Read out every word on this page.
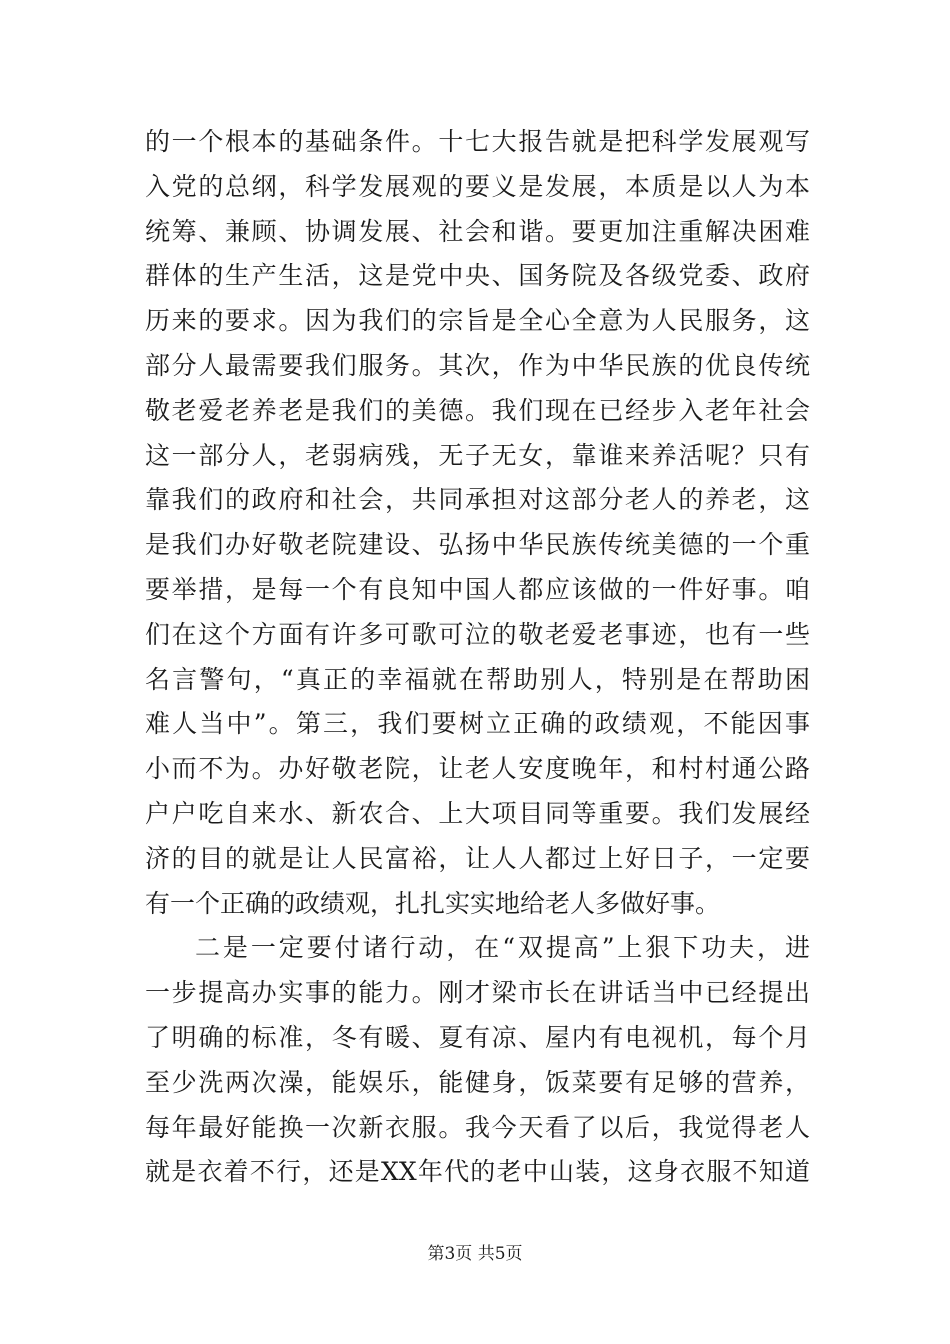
的一个根本的基础条件。十七大报告就是把科学发展观写
入党的总纲，科学发展观的要义是发展，本质是以人为本
统筹、兼顾、协调发展、社会和谐。要更加注重解决困难
群体的生产生活，这是党中央、国务院及各级党委、政府
历来的要求。因为我们的宗旨是全心全意为人民服务，这
部分人最需要我们服务。其次，作为中华民族的优良传统
敬老爱老养老是我们的美德。我们现在已经步入老年社会
这一部分人，老弱病残，无子无女，靠谁来养活呢？只有
靠我们的政府和社会，共同承担对这部分老人的养老，这
是我们办好敬老院建设、弘扬中华民族传统美德的一个重
要举措，是每一个有良知中国人都应该做的一件好事。咱
们在这个方面有许多可歌可泣的敬老爱老事迹，也有一些
名言警句，“真正的幸福就在帮助别人，特别是在帮助困
难人当中”。第三，我们要树立正确的政绩观，不能因事
小而不为。办好敬老院，让老人安度晚年，和村村通公路
户户吃自来水、新农合、上大项目同等重要。我们发展经
济的目的就是让人民富裕，让人人都过上好日子，一定要
有一个正确的政绩观，扎扎实实地给老人多做好事。
二是一定要付诸行动，在“双提高”上狠下功夫，进
一步提高办实事的能力。刚才梁市长在讲话当中已经提出
了明确的标准，冬有暖、夏有凉、屋内有电视机，每个月
至少洗两次澡，能娱乐，能健身，饭菜要有足够的营养，
每年最好能换一次新衣服。我今天看了以后，我觉得老人
就是衣着不行，还是XX年代的老中山装，这身衣服不知道
第3页 共5页
